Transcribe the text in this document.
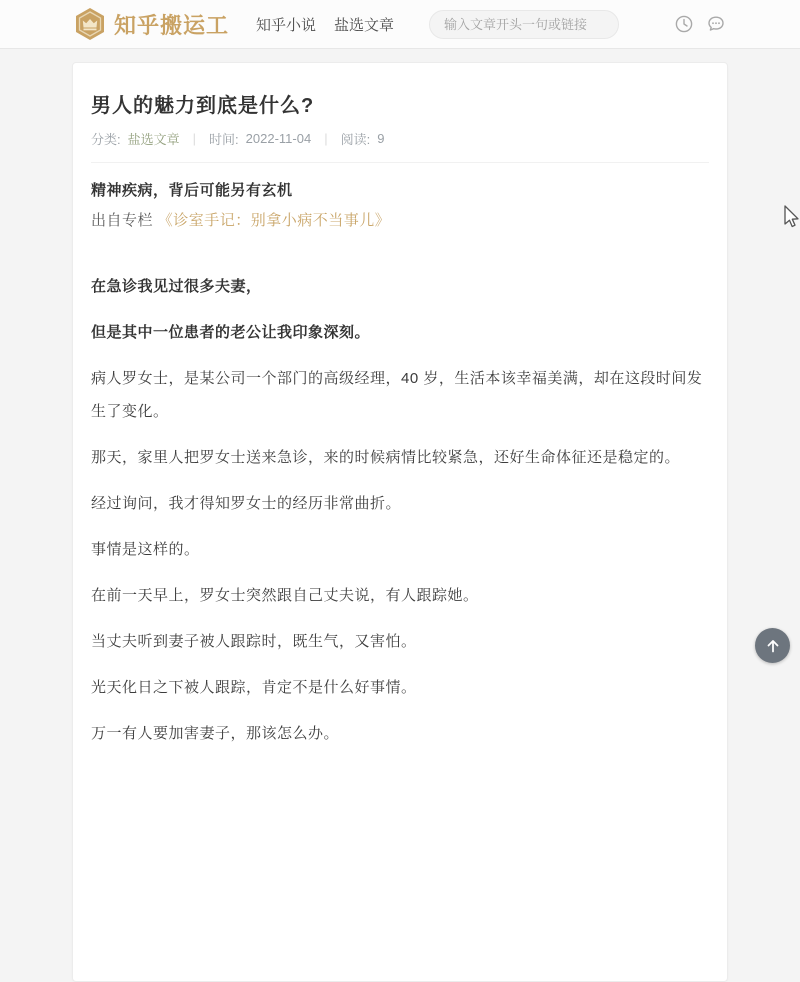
知乎搬运工	知乎小说	盐选文章
输入文章开头一句或链接
男人的魅力到底是什么?
分类: 盐选文章	|	时间: 2022-11-04	|	阅读: 9
精神疾病，背后可能另有玄机
出自专栏 《诊室手记：别拿小病不当事儿》

在急诊我见过很多夫妻，

但是其中一位患者的老公让我印象深刻。

病人罗女士，是某公司一个部门的高级经理，40 岁，生活本该幸福美满，却在这段时间发生了变化。

那天，家里人把罗女士送来急诊，来的时候病情比较紧急，还好生命体征还是稳定的。

经过询问，我才得知罗女士的经历非常曲折。

事情是这样的。

在前一天早上，罗女士突然跟自己丈夫说，有人跟踪她。

当丈夫听到妻子被人跟踪时，既生气，又害怕。

光天化日之下被人跟踪，肯定不是什么好事情。

万一有人要加害妻子，那该怎么办。
